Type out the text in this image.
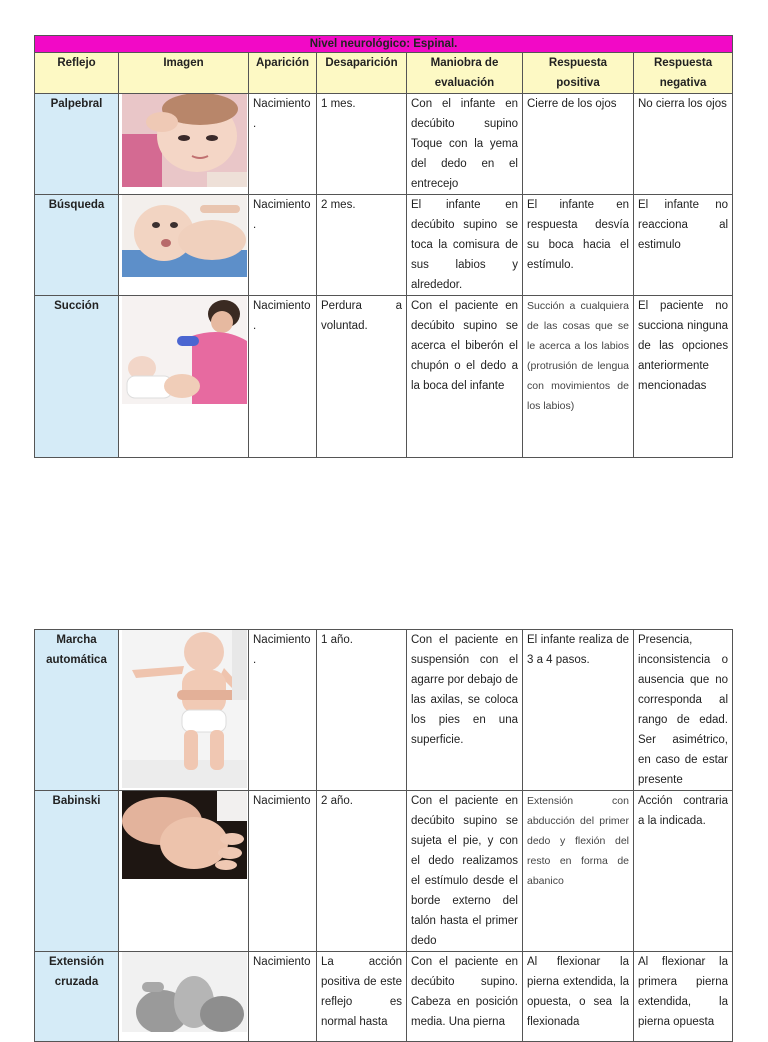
Nivel neurológico: Espinal.						
Reflejo	Imagen	Aparición	Desaparición	Maniobra de evaluación	Respuesta positiva	Respuesta negativa
Palpebral		Nacimiento .	1 mes.	Con el infante en decúbito supino Toque con la yema del dedo en el entrecejo	Cierre de los ojos	No cierra los ojos
Búsqueda		Nacimiento .	2 mes.	El infante en decúbito supino se toca la comisura de sus labios y alrededor.	El infante en respuesta desvía su boca hacia el estímulo.	El infante no reacciona al estimulo
Succión		Nacimiento .	Perdura a voluntad.	Con el paciente en decúbito supino se acerca el biberón el chupón o el dedo a la boca del infante	Succión a cualquiera de las cosas que se le acerca a los labios (protrusión de lengua con movimientos de los labios)	El paciente no succiona ninguna de las opciones anteriormente mencionadas
Marcha automática		Nacimiento .	1 año.	Con el paciente en suspensión con el agarre por debajo de las axilas, se coloca los pies en una superficie.	El infante realiza de 3 a 4 pasos.	Presencia, inconsistencia o ausencia que no corresponda al rango de edad. Ser asimétrico, en caso de estar presente
Babinski		Nacimiento	2 año.	Con el paciente en decúbito supino se sujeta el pie, y con el dedo realizamos el estímulo desde el borde externo del talón hasta el primer dedo	Extensión con abducción del primer dedo y flexión del resto en forma de abanico	Acción contraria a la indicada.
Extensión cruzada		Nacimiento	La acción positiva de este reflejo es normal hasta	Con el paciente en decúbito supino. Cabeza en posición media. Una pierna	Al flexionar la pierna extendida, la opuesta, o sea la flexionada	Al flexionar la primera pierna extendida, la pierna opuesta
